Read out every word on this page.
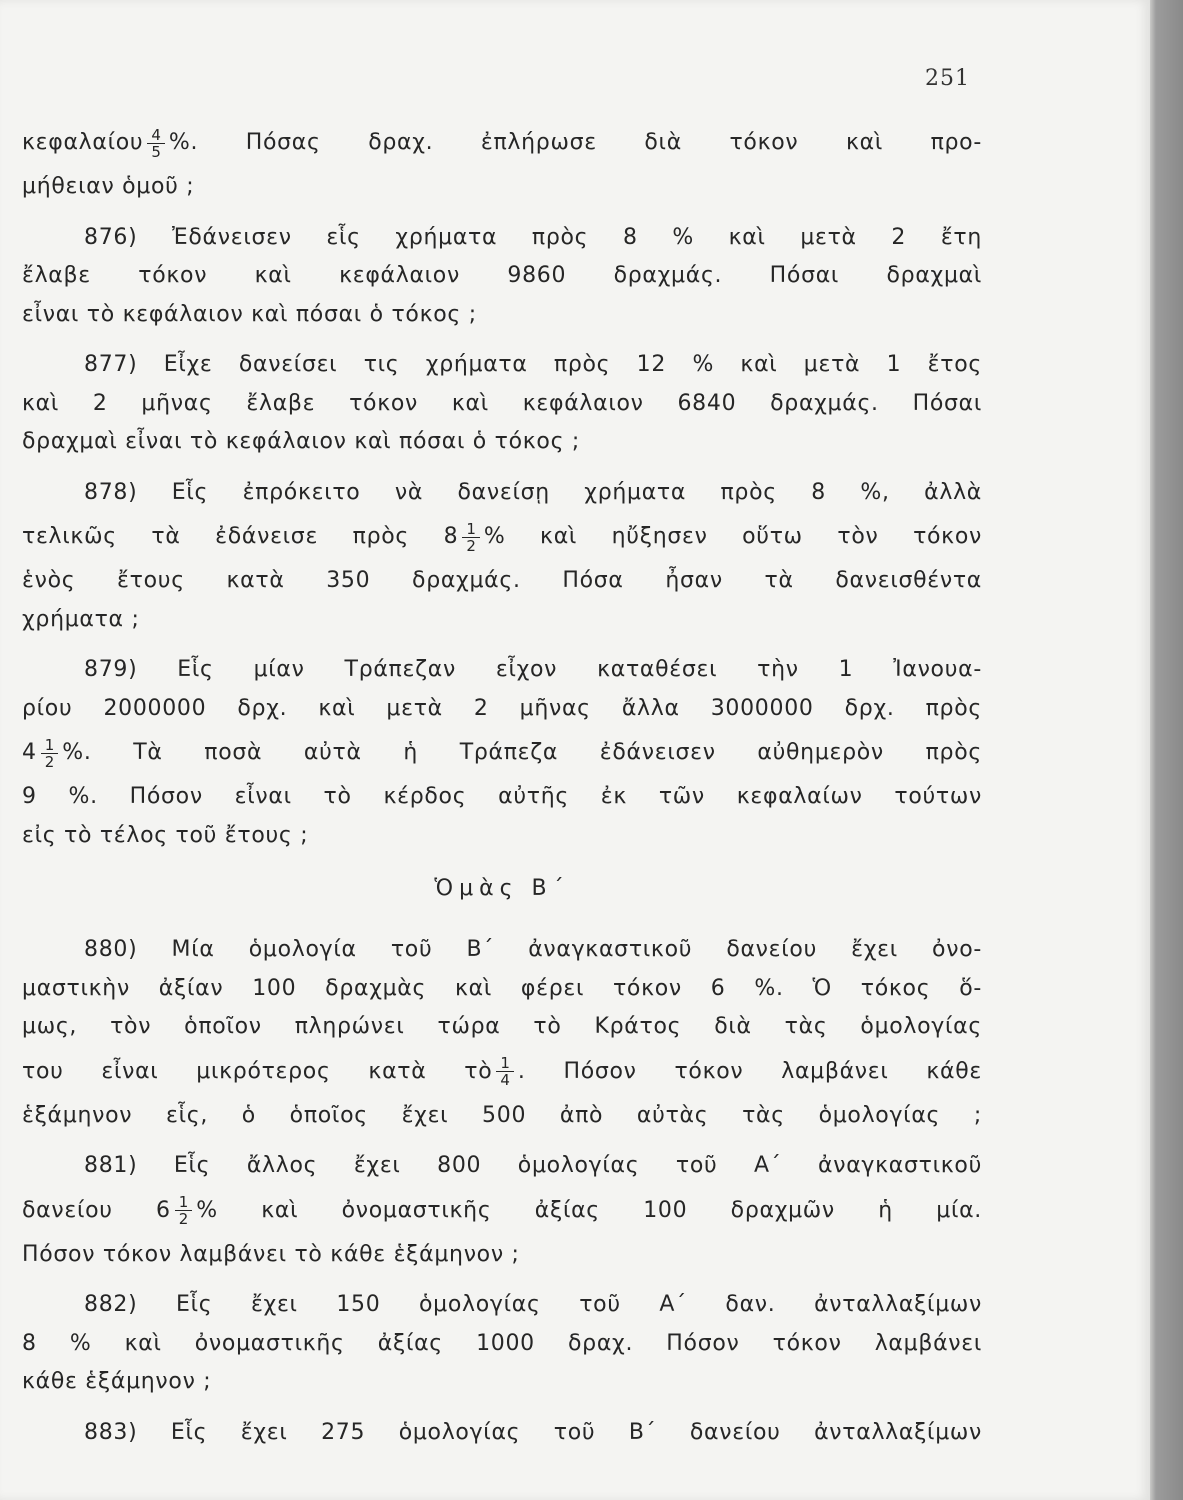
251
κεφαλαίου $\frac{4}{5}$ %. Πόσας δραχ. ἐπλήρωσε διὰ τόκον καὶ προ-
μήθειαν ὁμοῦ ;
876) Ἐδάνεισεν εἷς χρήματα πρὸς 8 % καὶ μετὰ 2 ἔτη
ἔλαβε τόκον καὶ κεφάλαιον 9860 δραχμάς. Πόσαι δραχμαὶ
εἶναι τὸ κεφάλαιον καὶ πόσαι ὁ τόκος ;
877) Εἶχε δανείσει τις χρήματα πρὸς 12 % καὶ μετὰ 1 ἔτος
καὶ 2 μῆνας ἔλαβε τόκον καὶ κεφάλαιον 6840 δραχμάς. Πόσαι
δραχμαὶ εἶναι τὸ κεφάλαιον καὶ πόσαι ὁ τόκος ;
878) Εἷς ἐπρόκειτο νὰ δανείσῃ χρήματα πρὸς 8 %, ἀλλὰ
τελικῶς τὰ ἐδάνεισε πρὸς $8 \frac{1}{2}$ % καὶ ηὔξησεν οὕτω τὸν τόκον
ἑνὸς ἔτους κατὰ 350 δραχμάς. Πόσα ἦσαν τὰ δανεισθέντα
χρήματα ;
879) Εἷς μίαν Τράπεζαν εἶχον καταθέσει τὴν 1 Ἰανουα-
ρίου 2000000 δρχ. καὶ μετὰ 2 μῆνας ἄλλα 3000000 δρχ. πρὸς
$4 \frac{1}{2}$ %. Τὰ ποσὰ αὐτὰ ἡ Τράπεζα ἐδάνεισεν αὐθημερὸν πρὸς
9 %. Πόσον εἶναι τὸ κέρδος αὐτῆς ἐκ τῶν κεφαλαίων τούτων
εἰς τὸ τέλος τοῦ ἔτους ;
Ὁμὰς Β΄
880) Μία ὁμολογία τοῦ Β΄ ἀναγκαστικοῦ δανείου ἔχει ὀνο-
μαστικὴν ἀξίαν 100 δραχμὰς καὶ φέρει τόκον 6 %. Ὁ τόκος ὅ-
μως, τὸν ὁποῖον πληρώνει τώρα τὸ Κράτος διὰ τὰς ὁμολογίας
του εἶναι μικρότερος κατὰ τὸ $\frac{1}{4}$ . Πόσον τόκον λαμβάνει κάθε
ἑξάμηνον εἷς, ὁ ὁποῖος ἔχει 500 ἀπὸ αὐτὰς τὰς ὁμολογίας ;
881) Εἷς ἄλλος ἔχει 800 ὁμολογίας τοῦ Α΄ ἀναγκαστικοῦ
δανείου $6 \frac{1}{2}$ % καὶ ὀνομαστικῆς ἀξίας 100 δραχμῶν ἡ μία.
Πόσον τόκον λαμβάνει τὸ κάθε ἑξάμηνον ;
882) Εἷς ἔχει 150 ὁμολογίας τοῦ Α΄ δαν. ἀνταλλαξίμων
8 % καὶ ὀνομαστικῆς ἀξίας 1000 δραχ. Πόσον τόκον λαμβάνει
κάθε ἑξάμηνον ;
883) Εἷς ἔχει 275 ὁμολογίας τοῦ Β΄ δανείου ἀνταλλαξίμων
